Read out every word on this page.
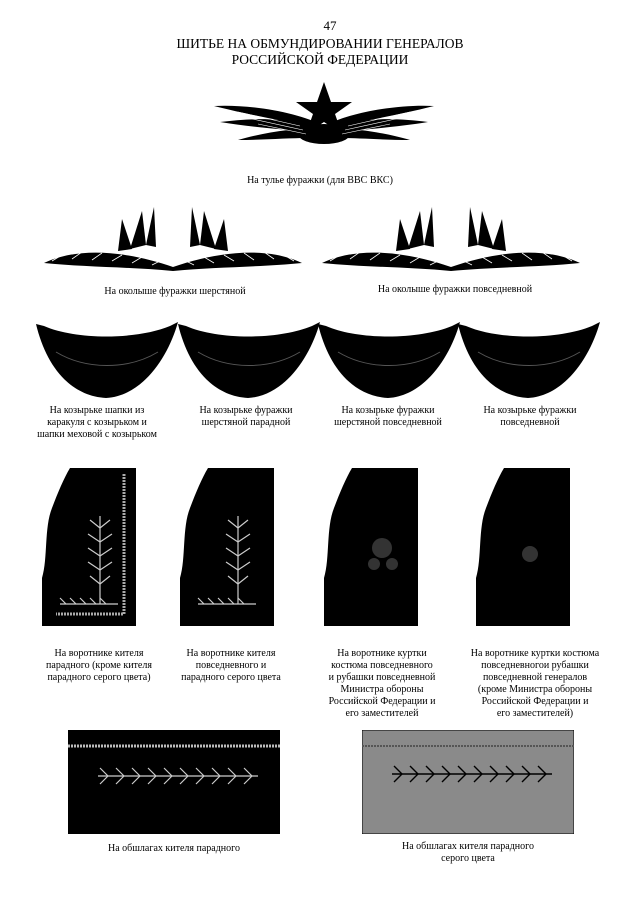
47
ШИТЬЕ НА ОБМУНДИРОВАНИИ ГЕНЕРАЛОВ
РОССИЙСКОЙ ФЕДЕРАЦИИ
На тулье фуражки (для ВВС ВКС)
На околыше фуражки шерстяной	На околыше фуражки повседневной
На козырьке шапки из
каракуля с козырьком и
шапки меховой с козырьком
На козырьке фуражки
шерстяной парадной
На козырьке фуражки
шерстяной повседневной
На козырьке фуражки
повседневной
На воротнике кителя
парадного (кроме кителя
парадного серого цвета)
На воротнике кителя
повседневного и
парадного серого цвета
На воротнике куртки
костюма повседневного
и рубашки повседневной
Министра обороны
Российской Федерации и
его заместителей
На воротнике куртки костюма
повседневногои рубашки
повседневной генералов
(кроме Министра обороны
Российской Федерации и
его заместителей)
На обшлагах кителя парадного	На обшлагах кителя парадного
серого цвета
